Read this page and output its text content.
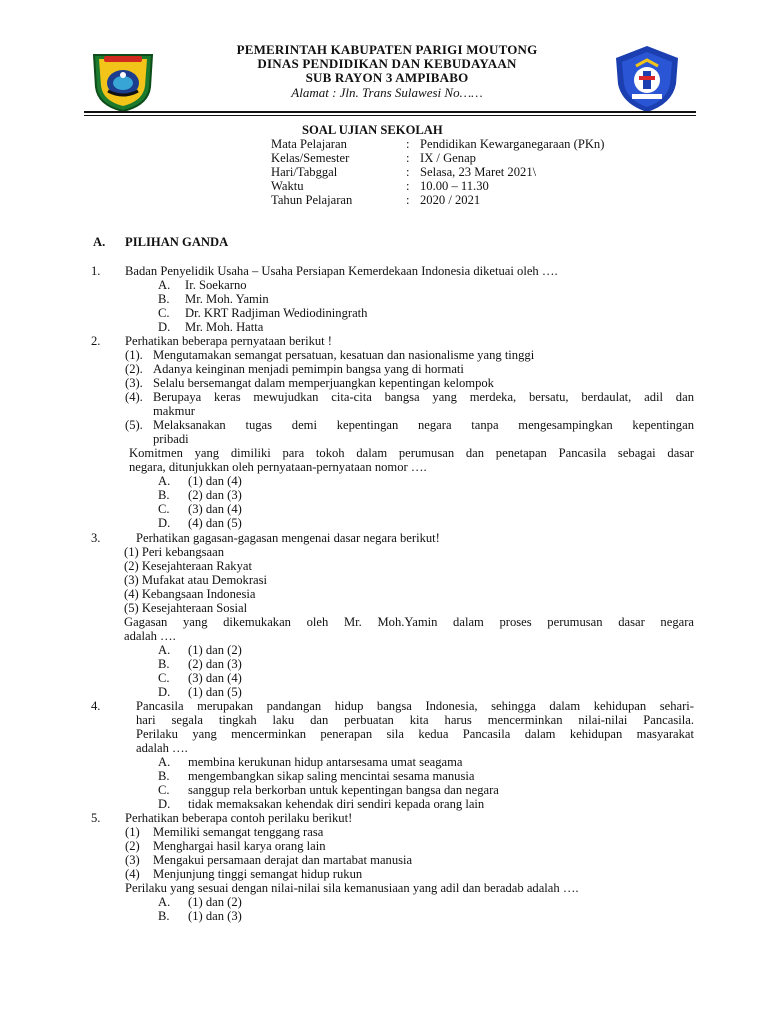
PEMERINTAH KABUPATEN PARIGI MOUTONG
DINAS PENDIDIKAN DAN KEBUDAYAAN
SUB RAYON 3 AMPIBABO
Alamat : Jln. Trans Sulawesi No……
SOAL UJIAN SEKOLAH
Mata Pelajaran	: Pendidikan Kewarganegaraan (PKn)
Kelas/Semester	: IX / Genap
Hari/Tabggal	: Selasa, 23 Maret 2021\
Waktu	: 10.00 – 11.30
Tahun Pelajaran	: 2020 / 2021
A. PILIHAN GANDA
1. Badan Penyelidik Usaha – Usaha Persiapan Kemerdekaan Indonesia diketuai oleh ….
A. Ir. Soekarno
B. Mr. Moh. Yamin
C. Dr. KRT Radjiman Wediodiningrath
D. Mr. Moh. Hatta
2. Perhatikan beberapa pernyataan berikut !
(1). Mengutamakan semangat persatuan, kesatuan dan nasionalisme yang tinggi
(2). Adanya keinginan menjadi pemimpin bangsa yang di hormati
(3). Selalu bersemangat dalam memperjuangkan kepentingan kelompok
(4). Berupaya keras mewujudkan cita-cita bangsa yang merdeka, bersatu, berdaulat, adil dan
makmur
(5). Melaksanakan tugas demi kepentingan negara tanpa mengesampingkan kepentingan
pribadi
Komitmen yang dimiliki para tokoh dalam perumusan dan penetapan Pancasila sebagai dasar
negara, ditunjukkan oleh pernyataan-pernyataan nomor ….
A. (1) dan (4)
B. (2) dan (3)
C. (3) dan (4)
D. (4) dan (5)
3.	Perhatikan gagasan-gagasan mengenai dasar negara berikut!
(1) Peri kebangsaan
(2) Kesejahteraan Rakyat
(3) Mufakat atau Demokrasi
(4) Kebangsaan Indonesia
(5) Kesejahteraan Sosial
Gagasan yang dikemukakan oleh Mr. Moh.Yamin dalam proses perumusan dasar negara
adalah ….
A. (1) dan (2)
B. (2) dan (3)
C. (3) dan (4)
D. (1) dan (5)
4.	Pancasila merupakan pandangan hidup bangsa Indonesia, sehingga dalam kehidupan sehari-
hari segala tingkah laku dan perbuatan kita harus mencerminkan nilai-nilai Pancasila.
Perilaku yang mencerminkan penerapan sila kedua Pancasila dalam kehidupan masyarakat
adalah ….
A. membina kerukunan hidup antarsesama umat seagama
B. mengembangkan sikap saling mencintai sesama manusia
C. sanggup rela berkorban untuk kepentingan bangsa dan negara
D. tidak memaksakan kehendak diri sendiri kepada orang lain
5. Perhatikan beberapa contoh perilaku berikut!
(1) Memiliki semangat tenggang rasa
(2) Menghargai hasil karya orang lain
(3) Mengakui persamaan derajat dan martabat manusia
(4) Menjunjung tinggi semangat hidup rukun
Perilaku yang sesuai dengan nilai-nilai sila kemanusiaan yang adil dan beradab adalah ….
A. (1) dan (2)
B. (1) dan (3)
